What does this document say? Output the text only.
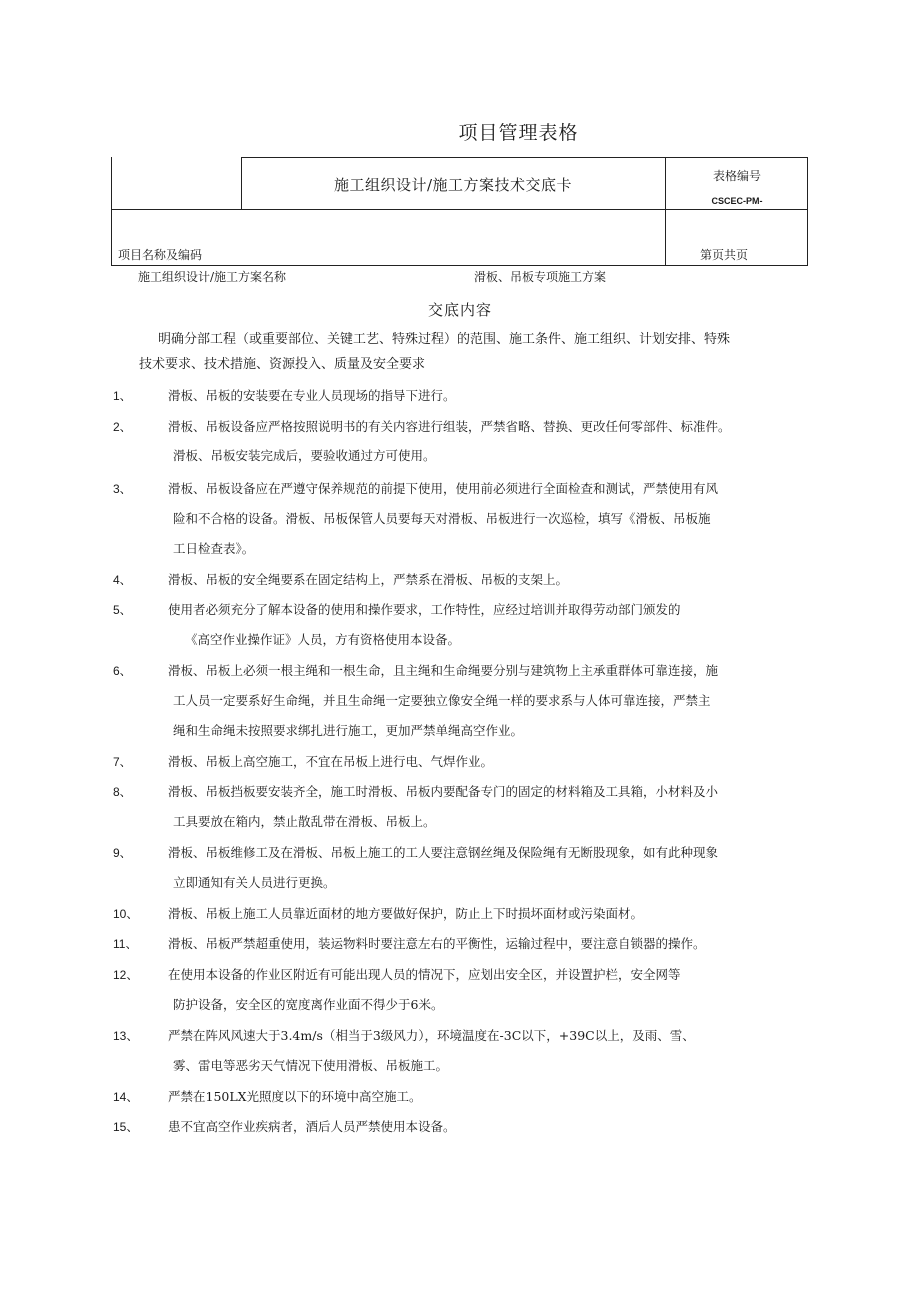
项目管理表格
施工组织设计/施工方案技术交底卡	表格编号
CSCEC-PM-
项目名称及编码	第页共页
施工组织设计/施工方案名称	滑板、吊板专项施工方案
交底内容
明确分部工程（或重要部位、关键工艺、特殊过程）的范围、施工条件、施工组织、计划安排、特殊
技术要求、技术措施、资源投入、质量及安全要求
1、	滑板、吊板的安装要在专业人员现场的指导下进行。
2、	滑板、吊板设备应严格按照说明书的有关内容进行组装，严禁省略、替换、更改任何零部件、标准件。
滑板、吊板安装完成后，要验收通过方可使用。
3、	滑板、吊板设备应在严遵守保养规范的前提下使用，使用前必须进行全面检查和测试，严禁使用有风
险和不合格的设备。滑板、吊板保管人员要每天对滑板、吊板进行一次巡检，填写《滑板、吊板施
工日检查表》。
4、	滑板、吊板的安全绳要系在固定结构上，严禁系在滑板、吊板的支架上。
5、	使用者必须充分了解本设备的使用和操作要求，工作特性，应经过培训并取得劳动部门颁发的
《高空作业操作证》人员，方有资格使用本设备。
6、	滑板、吊板上必须一根主绳和一根生命，且主绳和生命绳要分别与建筑物上主承重群体可靠连接，施
工人员一定要系好生命绳，并且生命绳一定要独立像安全绳一样的要求系与人体可靠连接，严禁主
绳和生命绳未按照要求绑扎进行施工，更加严禁单绳高空作业。
7、	滑板、吊板上高空施工，不宜在吊板上进行电、气焊作业。
8、	滑板、吊板挡板要安装齐全，施工时滑板、吊板内要配备专门的固定的材料箱及工具箱，小材料及小
工具要放在箱内，禁止散乱带在滑板、吊板上。
9、	滑板、吊板维修工及在滑板、吊板上施工的工人要注意钢丝绳及保险绳有无断股现象，如有此种现象
立即通知有关人员进行更换。
10、 滑板、吊板上施工人员靠近面材的地方要做好保护，防止上下时损坏面材或污染面材。
11、 滑板、吊板严禁超重使用，装运物料时要注意左右的平衡性，运输过程中，要注意自锁器的操作。
12、 在使用本设备的作业区附近有可能出现人员的情况下，应划出安全区，并设置护栏，安全网等
防护设备，安全区的宽度离作业面不得少于6米。
13、 严禁在阵风风速大于3.4m/s（相当于3级风力），环境温度在-3C以下，+39C以上，及雨、雪、
雾、雷电等恶劣天气情况下使用滑板、吊板施工。
14、 严禁在150LX光照度以下的环境中高空施工。
15、 患不宜高空作业疾病者，酒后人员严禁使用本设备。
